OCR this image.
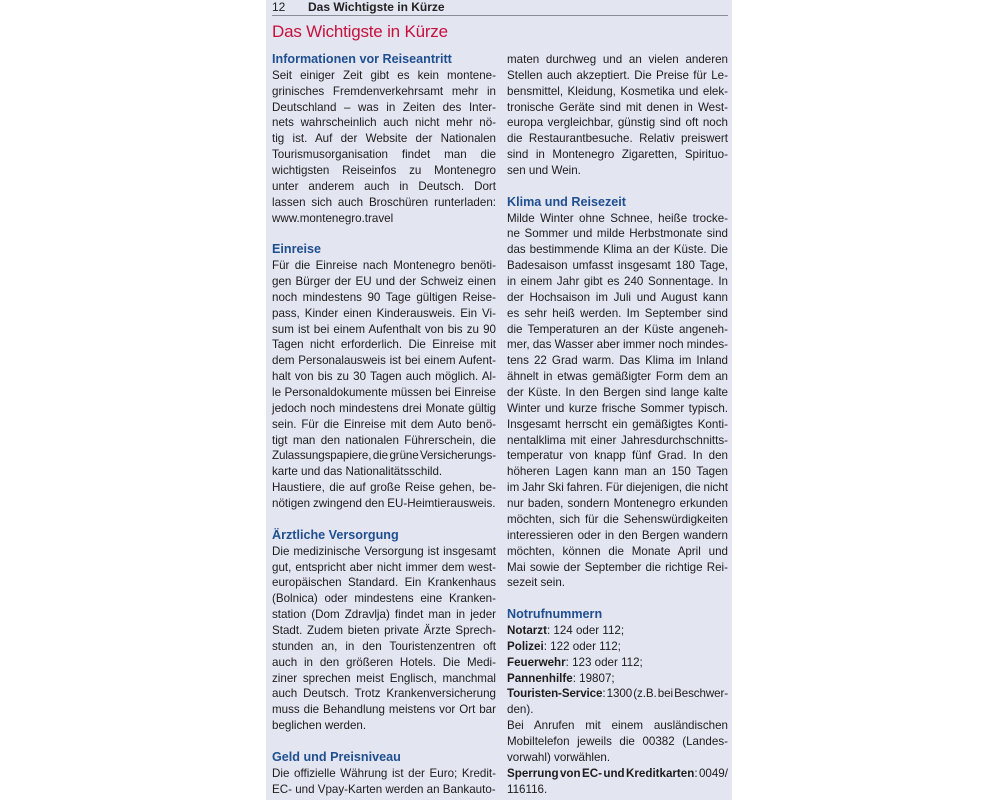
12 Das Wichtigste in Kürze
Das Wichtigste in Kürze
Informationen vor Reiseantritt
Seit einiger Zeit gibt es kein montene-
grinisches Fremdenverkehrsamt mehr in
Deutschland – was in Zeiten des Inter-
nets wahrscheinlich auch nicht mehr nö-
tig ist. Auf der Website der Nationalen
Tourismusorganisation findet man die
wichtigsten Reiseinfos zu Montenegro
unter anderem auch in Deutsch. Dort
lassen sich auch Broschüren runterladen:
www.montenegro.travel
Einreise
Für die Einreise nach Montenegro benöti-
gen Bürger der EU und der Schweiz einen
noch mindestens 90 Tage gültigen Reise-
pass, Kinder einen Kinderausweis. Ein Vi-
sum ist bei einem Aufenthalt von bis zu 90
Tagen nicht erforderlich. Die Einreise mit
dem Personalausweis ist bei einem Aufent-
halt von bis zu 30 Tagen auch möglich. Al-
le Personaldokumente müssen bei Einreise
jedoch noch mindestens drei Monate gültig
sein. Für die Einreise mit dem Auto benö-
tigt man den nationalen Führerschein, die
Zulassungspapiere, die grüne Versicherungs-
karte und das Nationalitätsschild.
Haustiere, die auf große Reise gehen, be-
nötigen zwingend den EU-Heimtierausweis.
Ärztliche Versorgung
Die medizinische Versorgung ist insgesamt
gut, entspricht aber nicht immer dem west-
europäischen Standard. Ein Krankenhaus
(Bolnica) oder mindestens eine Kranken-
station (Dom Zdravlja) findet man in jeder
Stadt. Zudem bieten private Ärzte Sprech-
stunden an, in den Touristenzentren oft
auch in den größeren Hotels. Die Medi-
ziner sprechen meist Englisch, manchmal
auch Deutsch. Trotz Krankenversicherung
muss die Behandlung meistens vor Ort bar
beglichen werden.
Geld und Preisniveau
Die offizielle Währung ist der Euro; Kredit-
EC- und Vpay-Karten werden an Bankauto-
maten durchweg und an vielen anderen
Stellen auch akzeptiert. Die Preise für Le-
bensmittel, Kleidung, Kosmetika und elek-
tronische Geräte sind mit denen in West-
europa vergleichbar, günstig sind oft noch
die Restaurantbesuche. Relativ preiswert
sind in Montenegro Zigaretten, Spirituo-
sen und Wein.
Klima und Reisezeit
Milde Winter ohne Schnee, heiße trocke-
ne Sommer und milde Herbstmonate sind
das bestimmende Klima an der Küste. Die
Badesaison umfasst insgesamt 180 Tage,
in einem Jahr gibt es 240 Sonnentage. In
der Hochsaison im Juli und August kann
es sehr heiß werden. Im September sind
die Temperaturen an der Küste angeneh-
mer, das Wasser aber immer noch mindes-
tens 22 Grad warm. Das Klima im Inland
ähnelt in etwas gemäßigter Form dem an
der Küste. In den Bergen sind lange kalte
Winter und kurze frische Sommer typisch.
Insgesamt herrscht ein gemäßigtes Konti-
nentalklima mit einer Jahresdurchschnitts-
temperatur von knapp fünf Grad. In den
höheren Lagen kann man an 150 Tagen
im Jahr Ski fahren. Für diejenigen, die nicht
nur baden, sondern Montenegro erkunden
möchten, sich für die Sehenswürdigkeiten
interessieren oder in den Bergen wandern
möchten, können die Monate April und
Mai sowie der September die richtige Rei-
sezeit sein.
Notrufnummern
Notarzt: 124 oder 112;
Polizei: 122 oder 112;
Feuerwehr: 123 oder 112;
Pannenhilfe: 19807;
Touristen-Service: 1300 (z.B. bei Beschwer-
den).
Bei Anrufen mit einem ausländischen
Mobiltelefon jeweils die 00382 (Landes-
vorwahl) vorwählen.
Sperrung von EC- und Kreditkarten: 0049/
116116.
